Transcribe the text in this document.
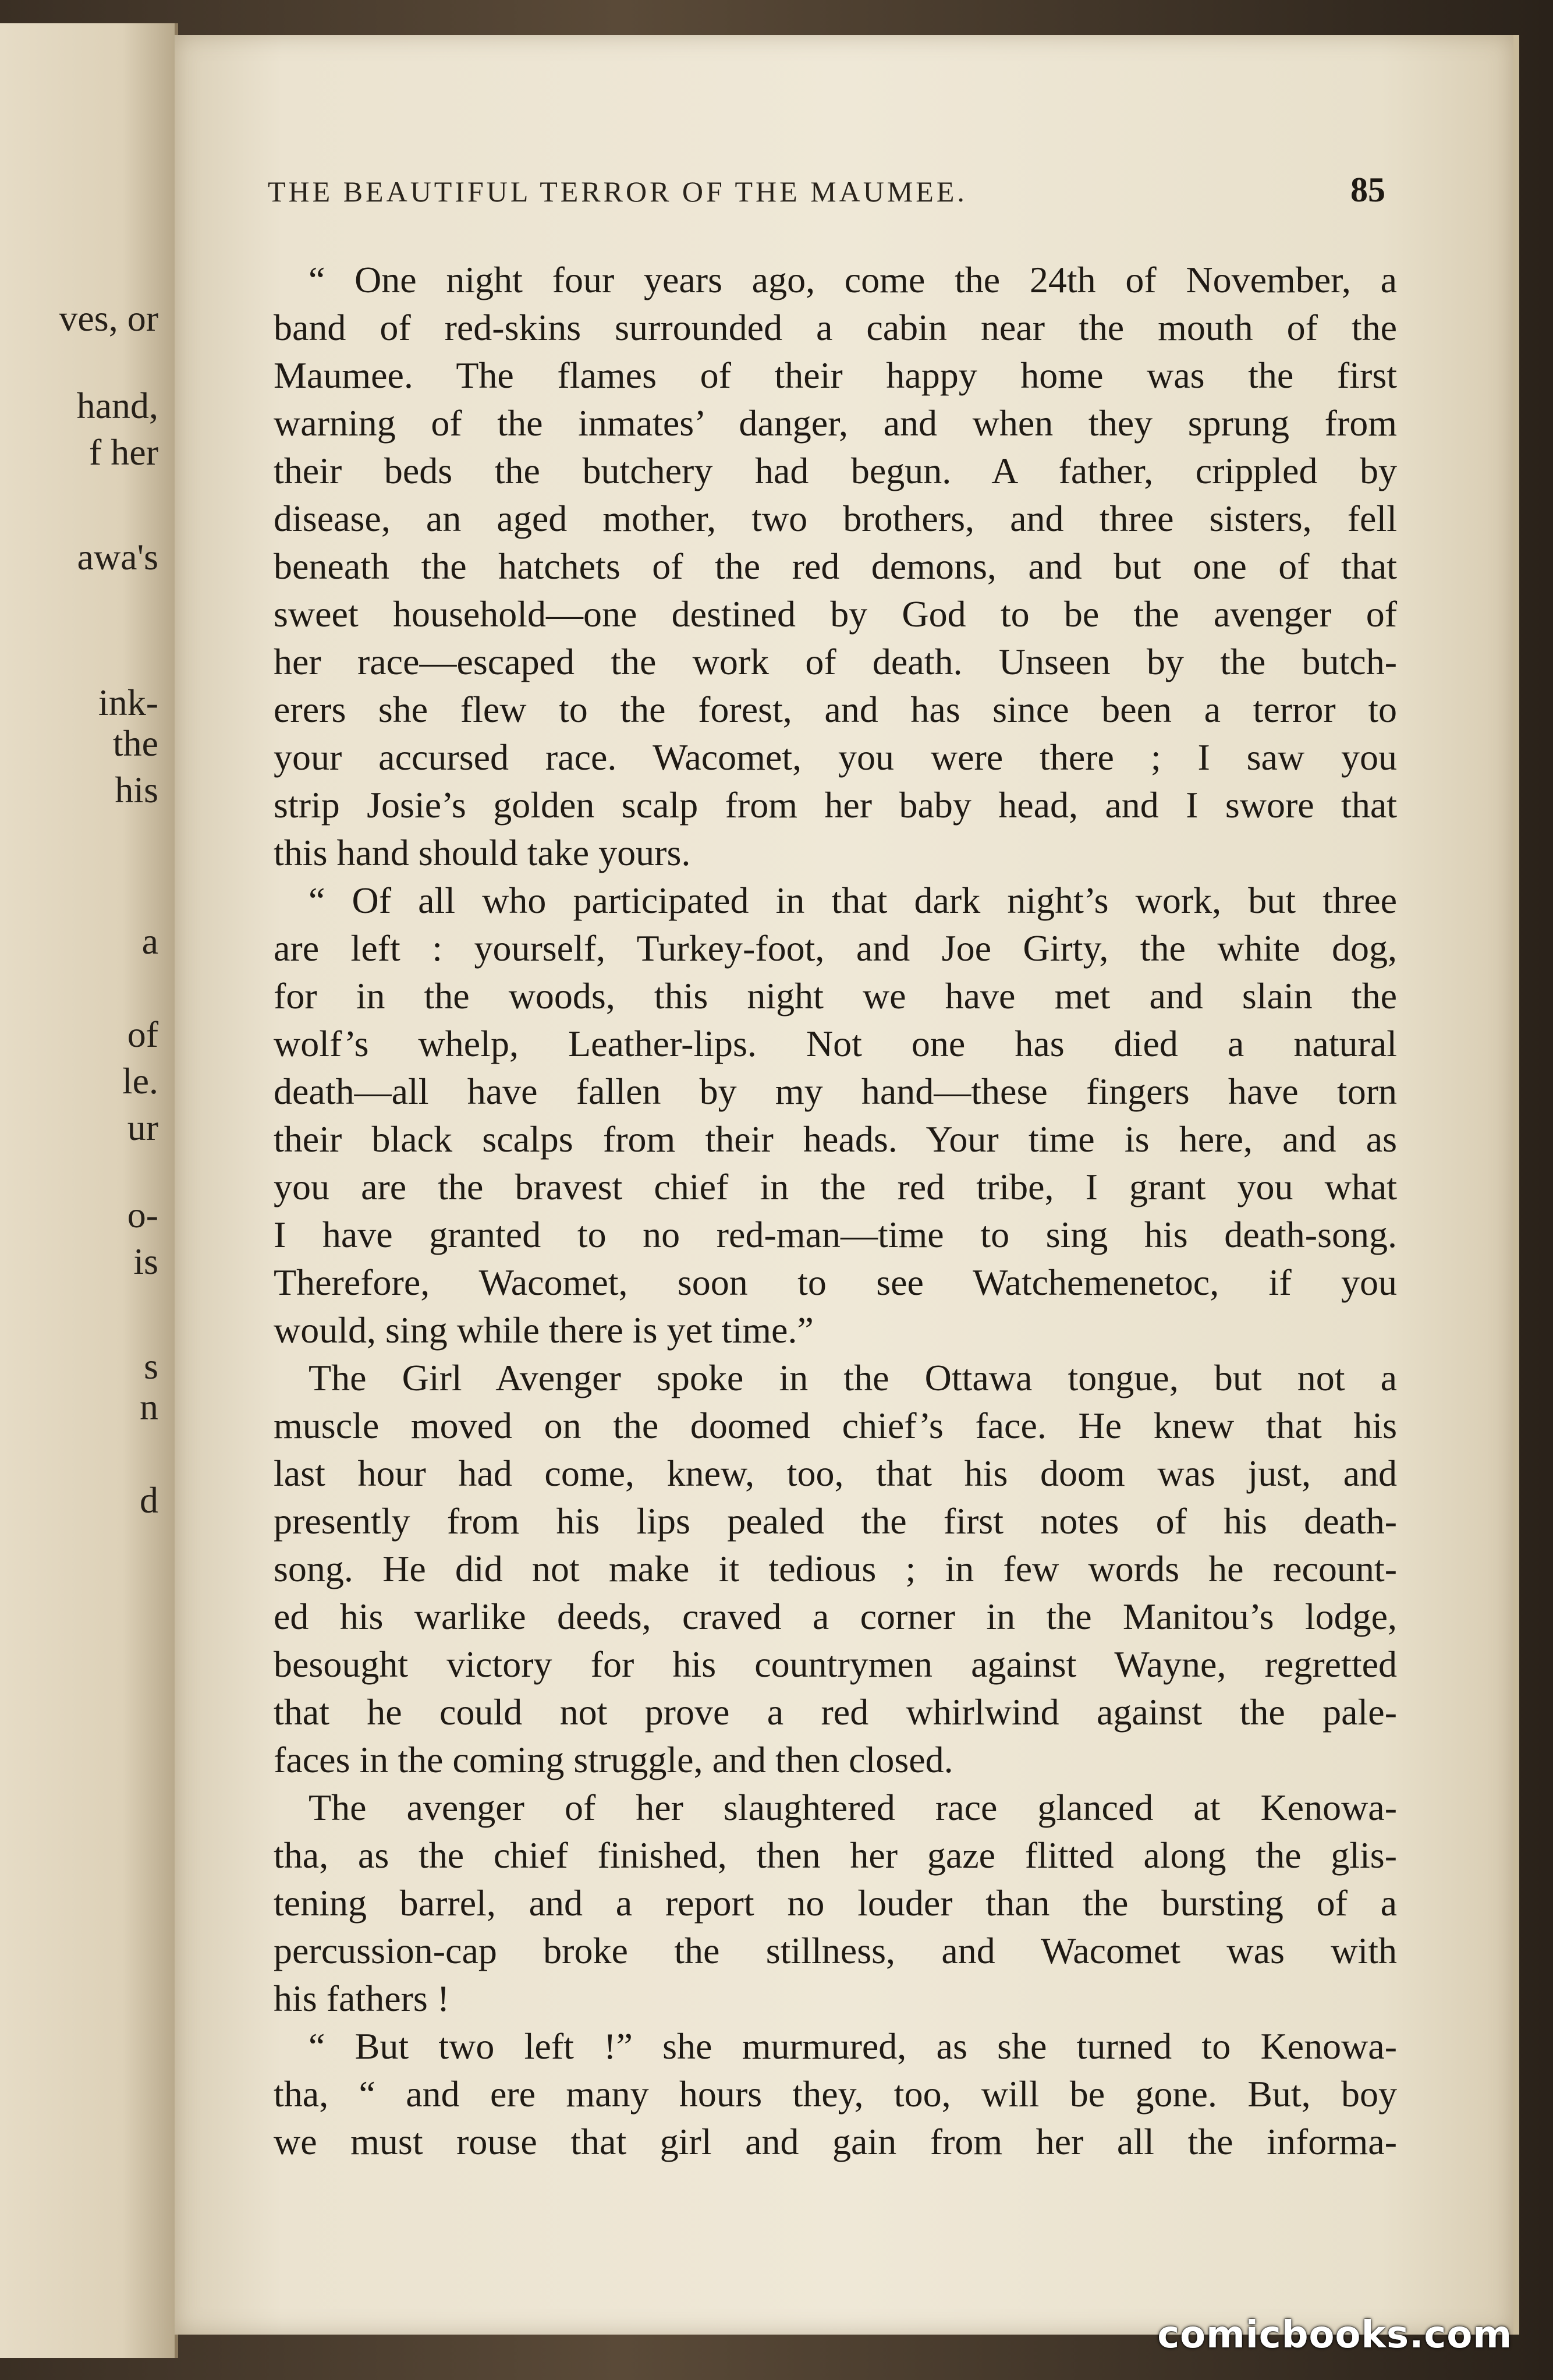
ves, or
hand,
f her
awa's
ink-
the
his
a
of
le.
ur
o-
is
s
n
d
THE BEAUTIFUL TERROR OF THE MAUMEE.	85
“ One night four years ago, come the 24th of November, a
band of red-skins surrounded a cabin near the mouth of the
Maumee. The flames of their happy home was the first
warning of the inmates’ danger, and when they sprung from
their beds the butchery had begun. A father, crippled by
disease, an aged mother, two brothers, and three sisters, fell
beneath the hatchets of the red demons, and but one of that
sweet household—one destined by God to be the avenger of
her race—escaped the work of death. Unseen by the butch-
erers she flew to the forest, and has since been a terror to
your accursed race. Wacomet, you were there ; I saw you
strip Josie’s golden scalp from her baby head, and I swore that
this hand should take yours.
“ Of all who participated in that dark night’s work, but three
are left : yourself, Turkey-foot, and Joe Girty, the white dog,
for in the woods, this night we have met and slain the
wolf’s whelp, Leather-lips. Not one has died a natural
death—all have fallen by my hand—these fingers have torn
their black scalps from their heads. Your time is here, and as
you are the bravest chief in the red tribe, I grant you what
I have granted to no red-man—time to sing his death-song.
Therefore, Wacomet, soon to see Watchemenetoc, if you
would, sing while there is yet time.”
The Girl Avenger spoke in the Ottawa tongue, but not a
muscle moved on the doomed chief’s face. He knew that his
last hour had come, knew, too, that his doom was just, and
presently from his lips pealed the first notes of his death-
song. He did not make it tedious ; in few words he recount-
ed his warlike deeds, craved a corner in the Manitou’s lodge,
besought victory for his countrymen against Wayne, regretted
that he could not prove a red whirlwind against the pale-
faces in the coming struggle, and then closed.
The avenger of her slaughtered race glanced at Kenowa-
tha, as the chief finished, then her gaze flitted along the glis-
tening barrel, and a report no louder than the bursting of a
percussion-cap broke the stillness, and Wacomet was with
his fathers !
“ But two left !” she murmured, as she turned to Kenowa-
tha, “ and ere many hours they, too, will be gone. But, boy
we must rouse that girl and gain from her all the informa-
comicbooks.com
